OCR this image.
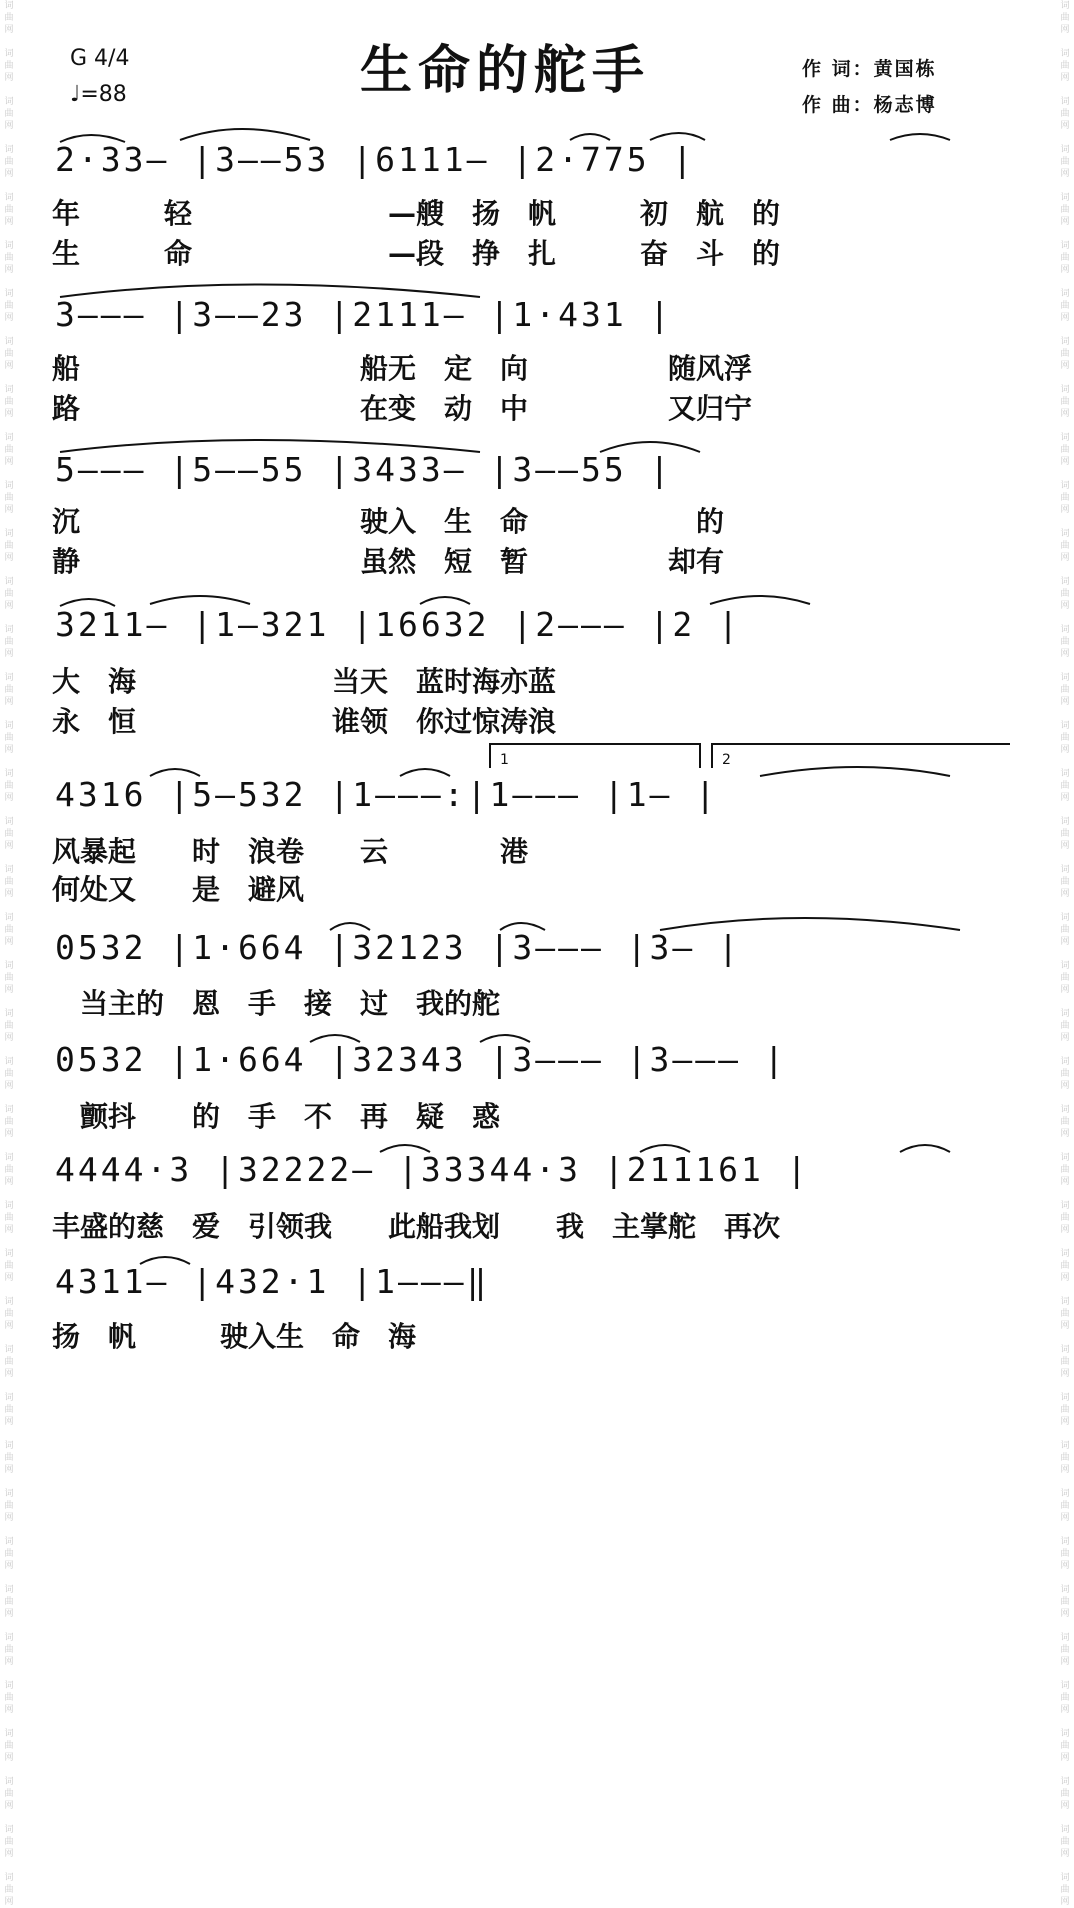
词
曲
网

词
曲
网

词
曲
网

词
曲
网

词
曲
网

词
曲
网

词
曲
网

词
曲
网

词
曲
网

词
曲
网

词
曲
网

词
曲
网

词
曲
网

词
曲
网

词
曲
网

词
曲
网

词
曲
网

词
曲
网

词
曲
网

词
曲
网

词
曲
网

词
曲
网

词
曲
网

词
曲
网

词
曲
网

词
曲
网

词
曲
网

词
曲
网

词
曲
网

词
曲
网

词
曲
网

词
曲
网

词
曲
网

词
曲
网

词
曲
网

词
曲
网

词
曲
网

词
曲
网

词
曲
网

词
曲
网

词
曲
网

词
曲
网

词
曲
网

词
曲
网

词
曲
网

词
曲
网

词
曲
网

词
曲
网

词
曲
网

词
曲
网

词
曲
网

词
曲
网

词
曲
网

词
曲
网

词
曲
网

词
曲
网

词
曲
网

词
曲
网

词
曲
网

词
曲
网

词
曲
网

词
曲
网

词
曲
网

词
曲
网

词
曲
网

词
曲
网

词
曲
网

词
曲
网

词
曲
网

词
曲
网

词
曲
网

词
曲
网

词
曲
网

词
曲
网

词
曲
网

词
曲
网

词
曲
网

词
曲
网

词
曲
网

词
曲
网

生命的舵手
G 4/4
♩=88
作 词：黄国栋
作 曲：杨志博
2·33— |3——53 |6111— |2·775 |
年　　　轻　　　　　　　—艘　扬　帆　　　初　航　的
生　　　命　　　　　　　—段　挣　扎　　　奋　斗　的
3——— |3——23 |2111— |1·431 |
船　　　　　　　　　　船无　定　向　　　　　随风浮
路　　　　　　　　　　在变　动　中　　　　　又归宁
5——— |5——55 |3433— |3——55 |
沉　　　　　　　　　　驶入　生　命　　　　　　的
静　　　　　　　　　　虽然　短　暂　　　　　却有
3211— |1—321 |16632 |2——— |2 |
大　海　　　　　　　当天　蓝时海亦蓝
永　恒　　　　　　　谁领　你过惊涛浪
1	2
4316 |5—532 |1———:|1——— |1— |
风暴起　　时　浪卷　　云　　　　港
何处又　　是　避风
0532 |1·664 |32123 |3——— |3— |
　当主的　恩　手　接　过　我的舵
0532 |1·664 |32343 |3——— |3——— |
　颤抖　　的　手　不　再　疑　惑
4444·3 |32222— |33344·3 |211161 |
丰盛的慈　爱　引领我　　此船我划　　我　主掌舵　再次
4311— |432·1 |1———‖
扬　帆　　　驶入生　命　海
